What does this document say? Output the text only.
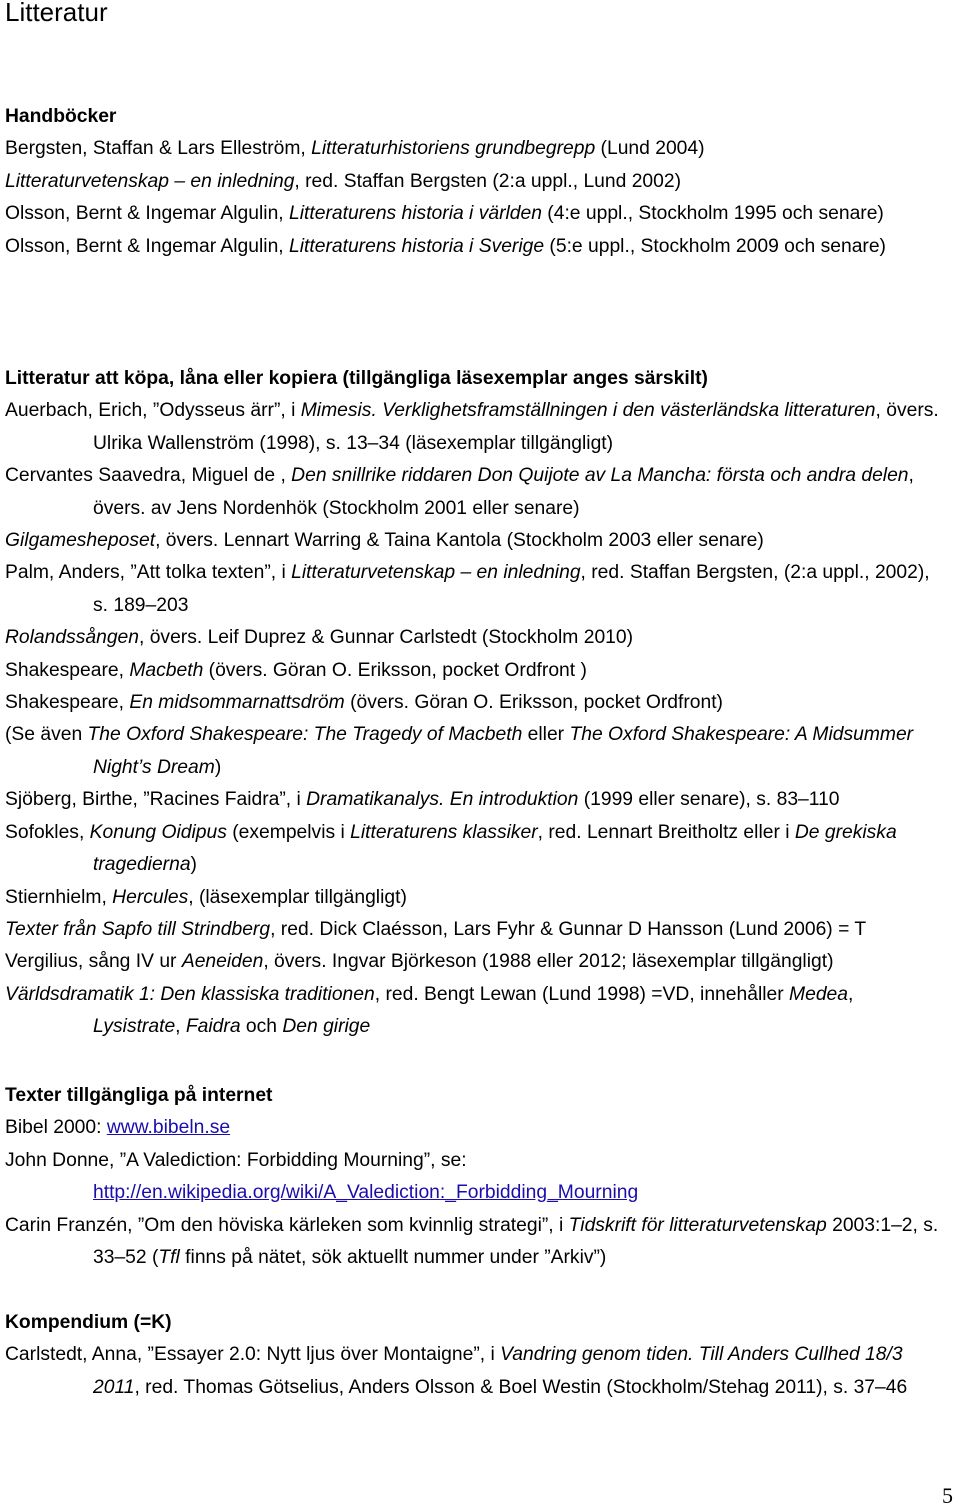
Litteratur
Handböcker

Bergsten, Staffan & Lars Elleström, Litteraturhistoriens grundbegrepp (Lund 2004)

Litteraturvetenskap – en inledning, red. Staffan Bergsten (2:a uppl., Lund 2002)

Olsson, Bernt & Ingemar Algulin, Litteraturens historia i världen (4:e uppl., Stockholm 1995 och senare)

Olsson, Bernt & Ingemar Algulin, Litteraturens historia i Sverige (5:e uppl., Stockholm 2009 och senare)

Litteratur att köpa, låna eller kopiera (tillgängliga läsexemplar anges särskilt)

Auerbach, Erich, ”Odysseus ärr”, i Mimesis. Verklighetsframställningen i den västerländska litteraturen, övers. Ulrika Wallenström (1998), s. 13–34 (läsexemplar tillgängligt)

Cervantes Saavedra, Miguel de , Den snillrike riddaren Don Quijote av La Mancha: första och andra delen, övers. av Jens Nordenhök (Stockholm 2001 eller senare)

Gilgamesheposet, övers. Lennart Warring & Taina Kantola (Stockholm 2003 eller senare)

Palm, Anders, ”Att tolka texten”, i Litteraturvetenskap – en inledning, red. Staffan Bergsten, (2:a uppl., 2002), s. 189–203

Rolandssången, övers. Leif Duprez & Gunnar Carlstedt (Stockholm 2010)

Shakespeare, Macbeth (övers. Göran O. Eriksson, pocket Ordfront )

Shakespeare, En midsommarnattsdröm (övers. Göran O. Eriksson, pocket Ordfront)

(Se även The Oxford Shakespeare: The Tragedy of Macbeth eller The Oxford Shakespeare: A Midsummer Night’s Dream)

Sjöberg, Birthe, ”Racines Faidra”, i Dramatikanalys. En introduktion (1999 eller senare), s. 83–110

Sofokles, Konung Oidipus (exempelvis i Litteraturens klassiker, red. Lennart Breitholtz eller i De grekiska tragedierna)

Stiernhielm, Hercules, (läsexemplar tillgängligt)

Texter från Sapfo till Strindberg, red. Dick Claésson, Lars Fyhr & Gunnar D Hansson (Lund 2006) = T

Vergilius, sång IV ur Aeneiden, övers. Ingvar Björkeson (1988 eller 2012; läsexemplar tillgängligt)

Världsdramatik 1: Den klassiska traditionen, red. Bengt Lewan (Lund 1998) =VD, innehåller Medea, Lysistrate, Faidra och Den girige

Texter tillgängliga på internet

Bibel 2000: www.bibeln.se

John Donne, ”A Valediction: Forbidding Mourning”, se: http://en.wikipedia.org/wiki/A_Valediction:_Forbidding_Mourning

Carin Franzén, ”Om den höviska kärleken som kvinnlig strategi”, i Tidskrift för litteraturvetenskap 2003:1–2, s. 33–52 (Tfl finns på nätet, sök aktuellt nummer under ”Arkiv”)

Kompendium (=K)

Carlstedt, Anna, ”Essayer 2.0: Nytt ljus över Montaigne”, i Vandring genom tiden. Till Anders Cullhed 18/3 2011, red. Thomas Götselius, Anders Olsson & Boel Westin (Stockholm/Stehag 2011), s. 37–46

5
